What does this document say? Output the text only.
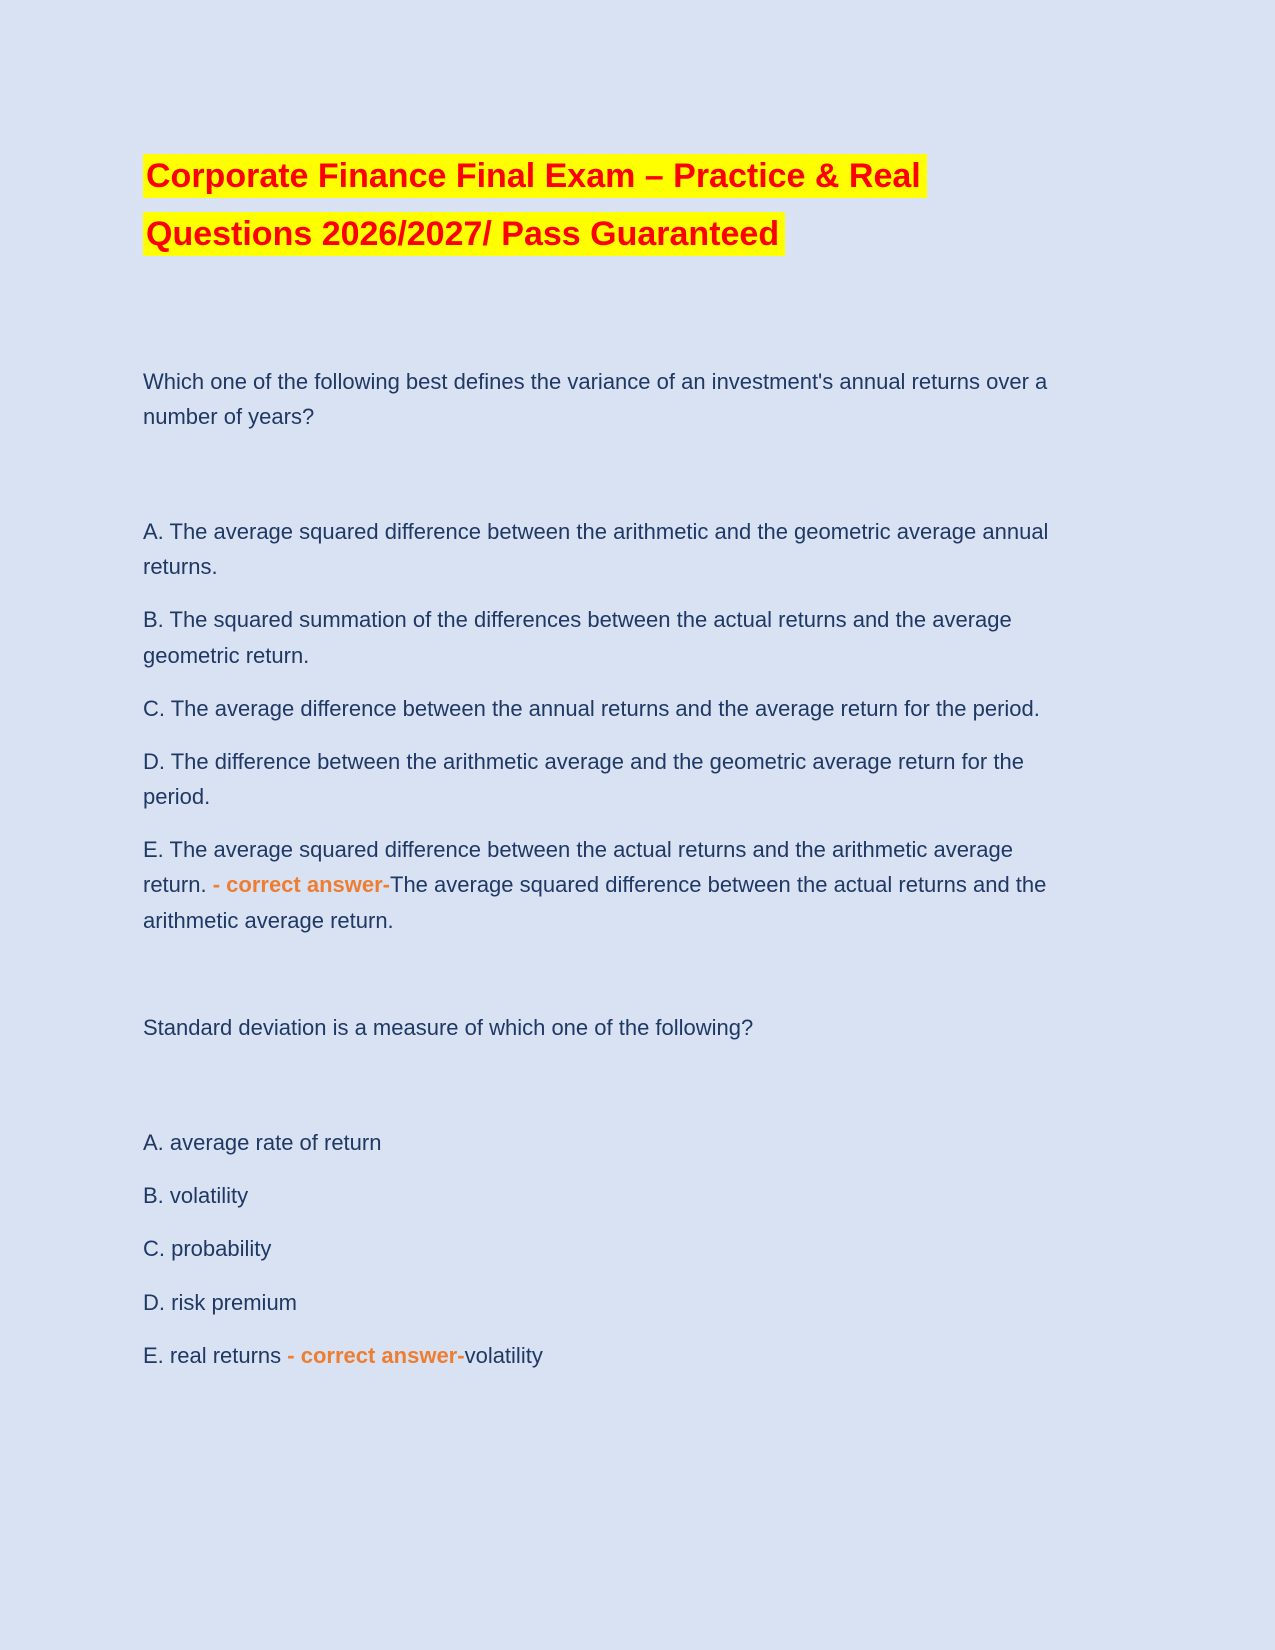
Corporate Finance Final Exam – Practice & Real
Questions 2026/2027/ Pass Guaranteed

Which one of the following best defines the variance of an investment's annual returns over a number of years?

A. The average squared difference between the arithmetic and the geometric average annual returns.

B. The squared summation of the differences between the actual returns and the average geometric return.

C. The average difference between the annual returns and the average return for the period.

D. The difference between the arithmetic average and the geometric average return for the period.

E. The average squared difference between the actual returns and the arithmetic average return. - correct answer-The average squared difference between the actual returns and the arithmetic average return.

Standard deviation is a measure of which one of the following?

A. average rate of return

B. volatility

C. probability

D. risk premium

E. real returns - correct answer-volatility
